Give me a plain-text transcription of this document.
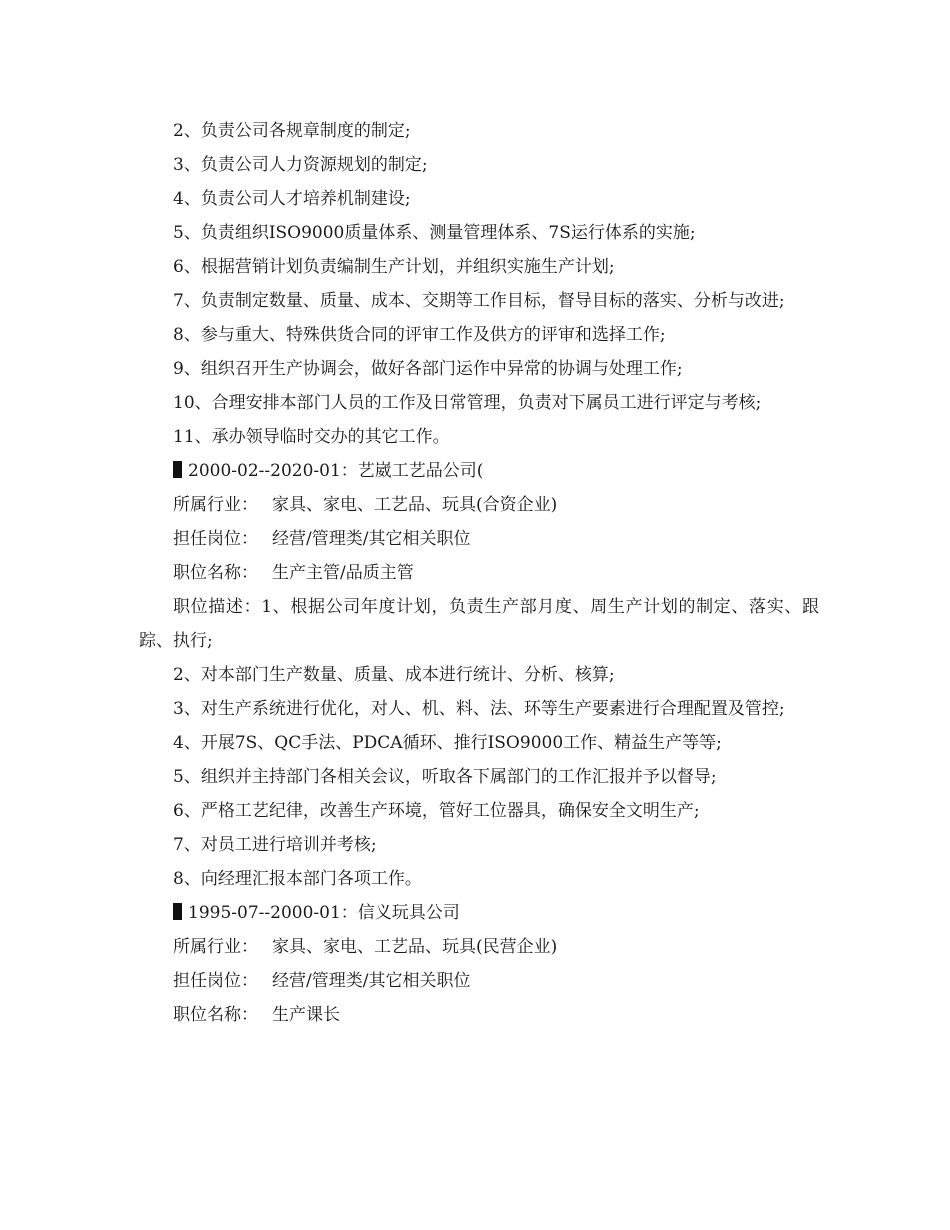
2、负责公司各规章制度的制定;

3、负责公司人力资源规划的制定;

4、负责公司人才培养机制建设;

5、负责组织ISO9000质量体系、测量管理体系、7S运行体系的实施;

6、根据营销计划负责编制生产计划，并组织实施生产计划;

7、负责制定数量、质量、成本、交期等工作目标，督导目标的落实、分析与改进;

8、参与重大、特殊供货合同的评审工作及供方的评审和选择工作;

9、组织召开生产协调会，做好各部门运作中异常的协调与处理工作;

10、合理安排本部门人员的工作及日常管理，负责对下属员工进行评定与考核;

11、承办领导临时交办的其它工作。

2000-02--2020-01：艺崴工艺品公司(

所属行业： 家具、家电、工艺品、玩具(合资企业)

担任岗位： 经营/管理类/其它相关职位

职位名称： 生产主管/品质主管

职位描述：1、根据公司年度计划，负责生产部月度、周生产计划的制定、落实、跟踪、执行;

2、对本部门生产数量、质量、成本进行统计、分析、核算;

3、对生产系统进行优化，对人、机、料、法、环等生产要素进行合理配置及管控;

4、开展7S、QC手法、PDCA循环、推行ISO9000工作、精益生产等等;

5、组织并主持部门各相关会议，听取各下属部门的工作汇报并予以督导;

6、严格工艺纪律，改善生产环境，管好工位器具，确保安全文明生产;

7、对员工进行培训并考核;

8、向经理汇报本部门各项工作。

1995-07--2000-01：信义玩具公司

所属行业： 家具、家电、工艺品、玩具(民营企业)

担任岗位： 经营/管理类/其它相关职位

职位名称： 生产课长
